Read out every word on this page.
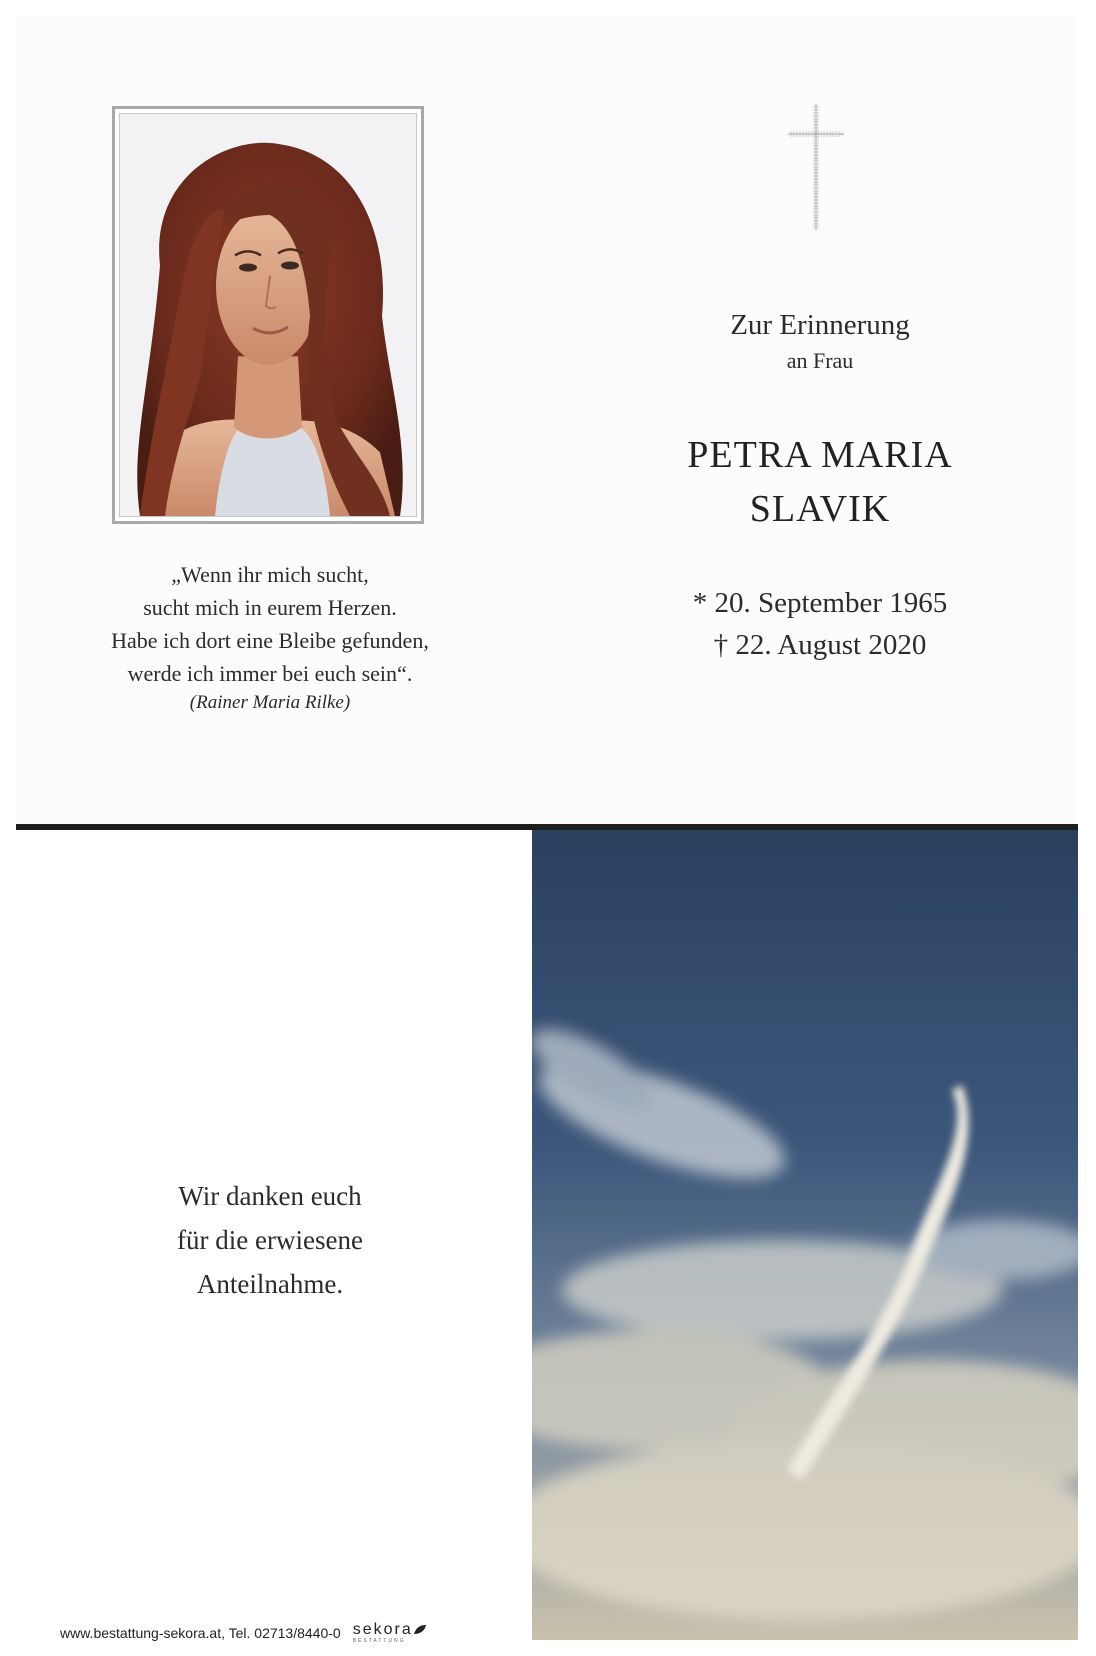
„Wenn ihr mich sucht,
sucht mich in eurem Herzen.
Habe ich dort eine Bleibe gefunden,
werde ich immer bei euch sein“.
(Rainer Maria Rilke)
Zur Erinnerung
an Frau
PETRA MARIA
SLAVIK
* 20. September 1965
† 22. August 2020
Wir danken euch
für die erwiesene
Anteilnahme.
www.bestattung-sekora.at, Tel. 02713/8440-0 sekora
BESTATTUNG
